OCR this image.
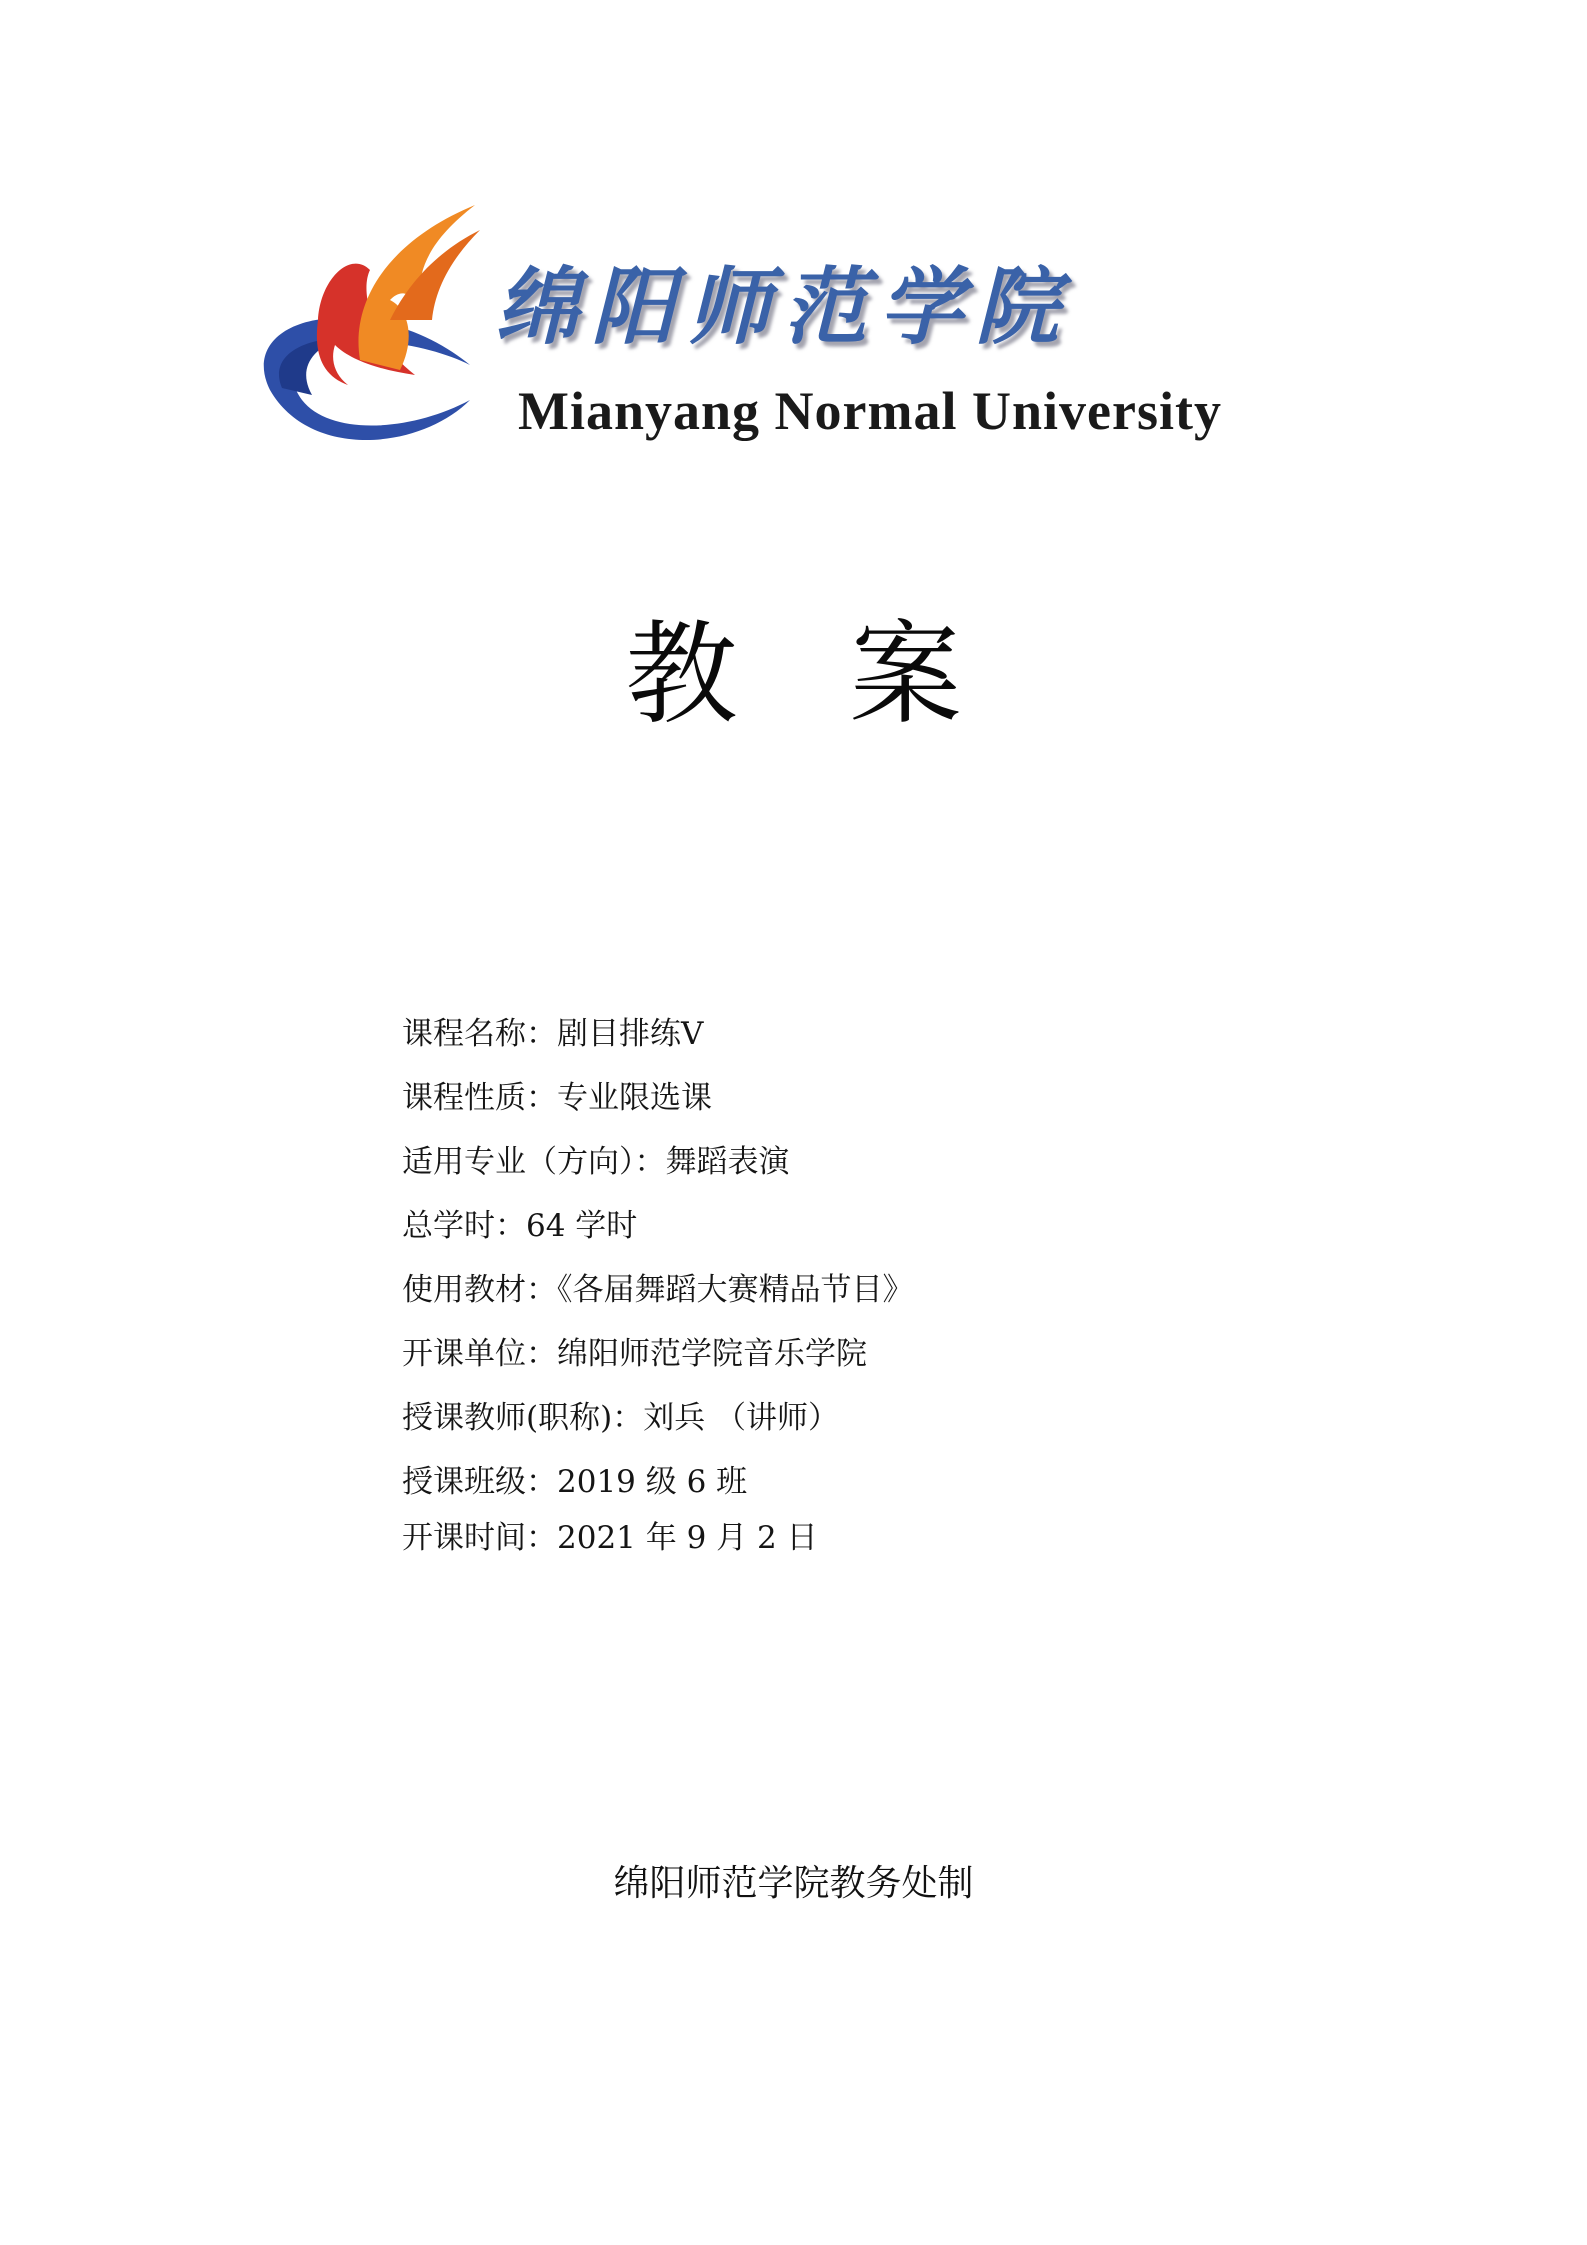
绵阳师范学院
Mianyang Normal University
教 案
课程名称：剧目排练Ⅴ
课程性质：专业限选课
适用专业（方向）：舞蹈表演
总学时：64 学时
使用教材：《各届舞蹈大赛精品节目》
开课单位：绵阳师范学院音乐学院
授课教师(职称)：刘兵 （讲师）
授课班级：2019 级 6 班
开课时间：2021 年 9 月 2 日
绵阳师范学院教务处制
